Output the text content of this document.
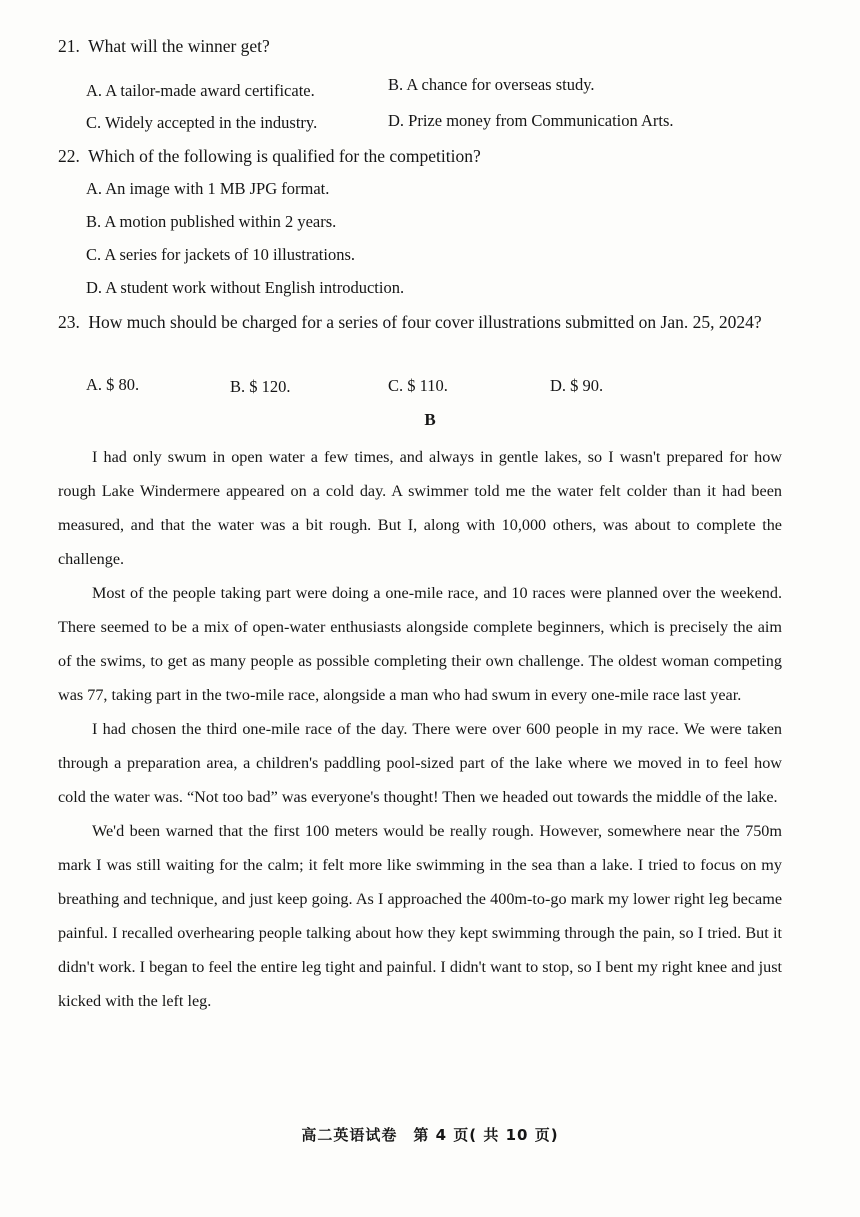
21. What will the winner get?
A. A tailor-made award certificate.	B. A chance for overseas study.
C. Widely accepted in the industry.	D. Prize money from Communication Arts.
22. Which of the following is qualified for the competition?
A. An image with 1 MB JPG format.
B. A motion published within 2 years.
C. A series for jackets of 10 illustrations.
D. A student work without English introduction.
23. How much should be charged for a series of four cover illustrations submitted on Jan. 25, 2024?
A. $ 80.	B. $ 120.	C. $ 110.	D. $ 90.
B

I had only swum in open water a few times, and always in gentle lakes, so I wasn't prepared for how rough Lake Windermere appeared on a cold day. A swimmer told me the water felt colder than it had been measured, and that the water was a bit rough. But I, along with 10,000 others, was about to complete the challenge.

Most of the people taking part were doing a one-mile race, and 10 races were planned over the weekend. There seemed to be a mix of open-water enthusiasts alongside complete beginners, which is precisely the aim of the swims, to get as many people as possible completing their own challenge. The oldest woman competing was 77, taking part in the two-mile race, alongside a man who had swum in every one-mile race last year.

I had chosen the third one-mile race of the day. There were over 600 people in my race. We were taken through a preparation area, a children's paddling pool-sized part of the lake where we moved in to feel how cold the water was. “Not too bad” was everyone's thought! Then we headed out towards the middle of the lake.

We'd been warned that the first 100 meters would be really rough. However, somewhere near the 750m mark I was still waiting for the calm; it felt more like swimming in the sea than a lake. I tried to focus on my breathing and technique, and just keep going. As I approached the 400m-to-go mark my lower right leg became painful. I recalled overhearing people talking about how they kept swimming through the pain, so I tried. But it didn't work. I began to feel the entire leg tight and painful. I didn't want to stop, so I bent my right knee and just kicked with the left leg.

高二英语试卷　第 4 页( 共 10 页)
